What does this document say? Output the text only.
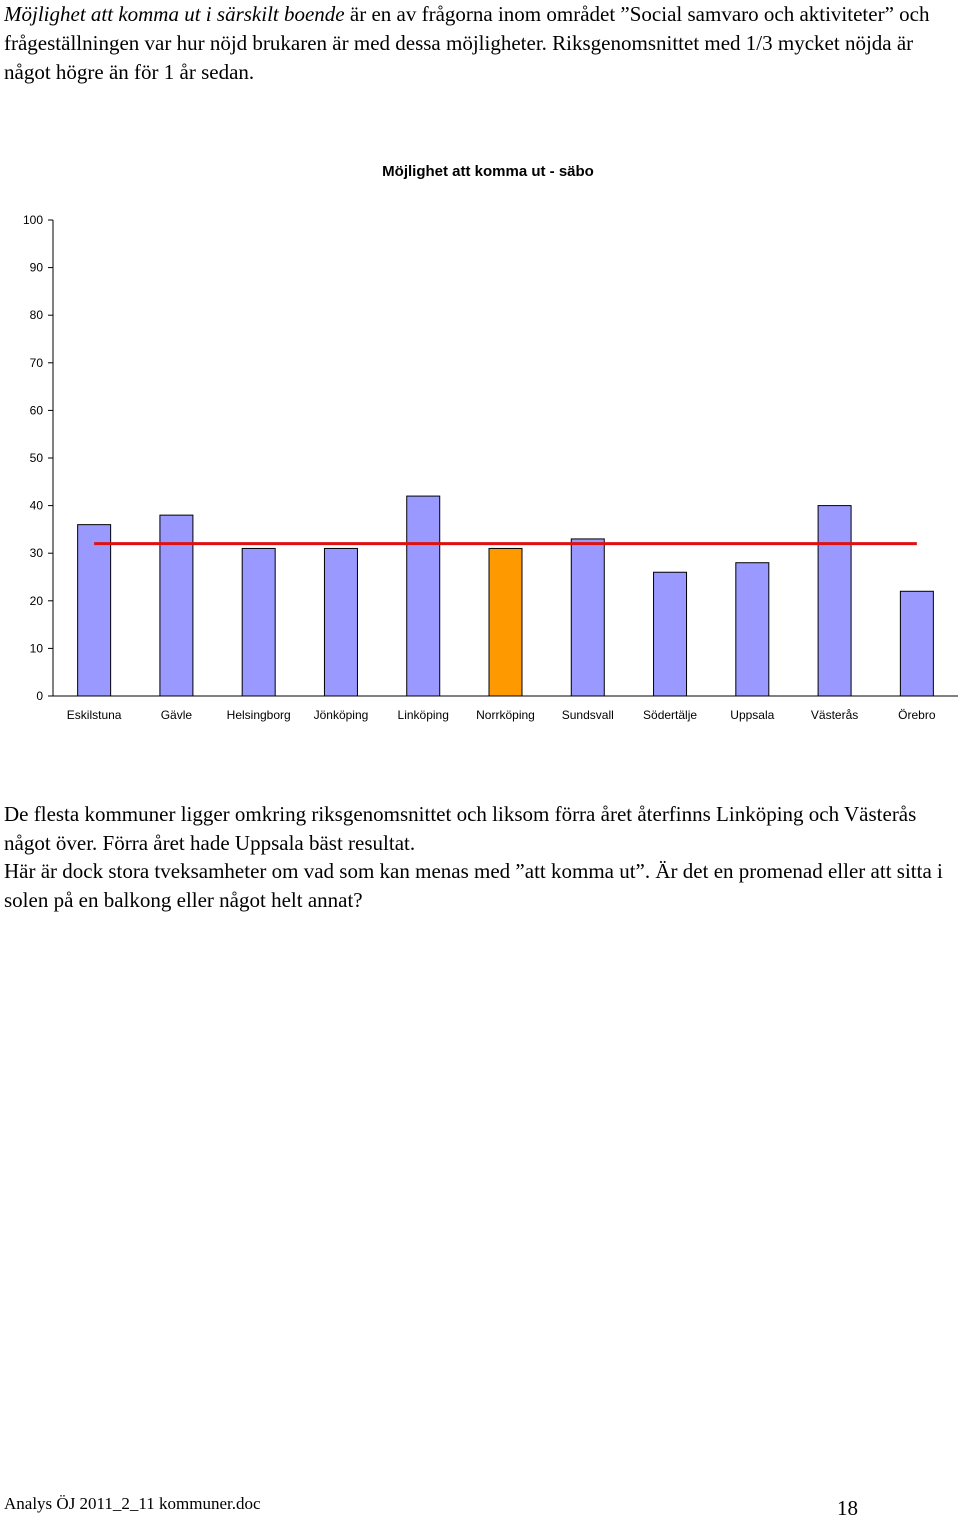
Möjlighet att komma ut i särskilt boende är en av frågorna inom området ”Social samvaro och aktiviteter” och frågeställningen var hur nöjd brukaren är med dessa möjligheter. Riksgenomsnittet med 1/3 mycket nöjda är något högre än för 1 år sedan.
Möjlighet att komma ut - säbo
0
10
20
30
40
50
60
70
80
90
100
Eskilstuna	Gävle	Helsingborg Jönköping Linköping Norrköping Sundsvall Södertälje	Uppsala	Västerås	Örebro

De flesta kommuner ligger omkring riksgenomsnittet och liksom förra året återfinns Linköping och Västerås något över. Förra året hade Uppsala bäst resultat.

Här är dock stora tveksamheter om vad som kan menas med ”att komma ut”. Är det en promenad eller att sitta i solen på en balkong eller något helt annat?

Analys ÖJ 2011_2_11 kommuner.doc	18
